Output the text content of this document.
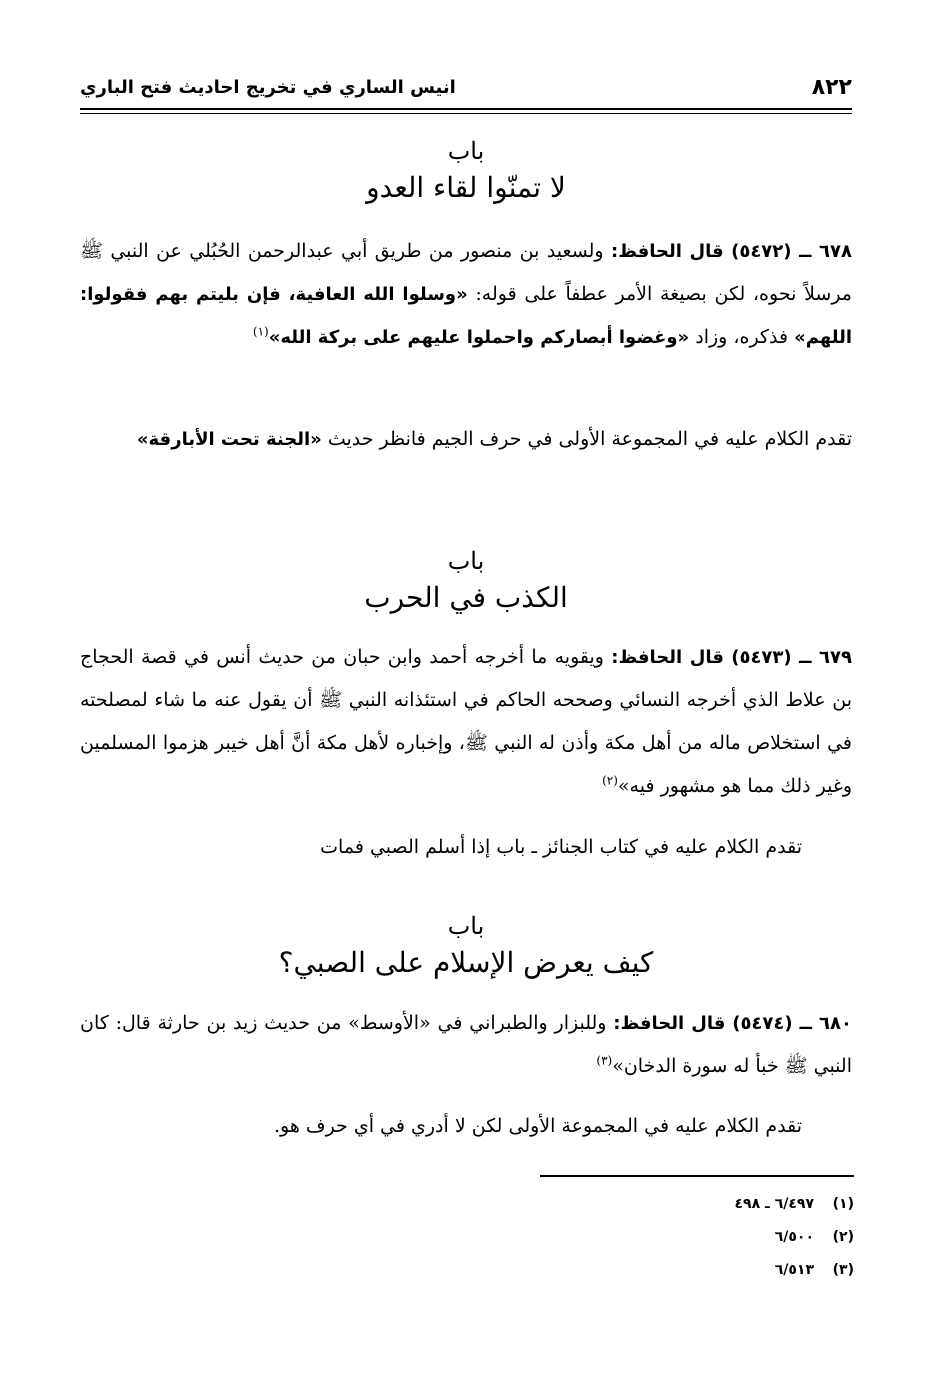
٨٢٢
انيس الساري في تخريج احاديث فتح الباري
باب
لا تمنّوا لقاء العدو
٦٧٨ ــ (٥٤٧٢) قال الحافظ: ولسعيد بن منصور من طريق أبي عبدالرحمن الحُبُلي عن النبي ﷺ مرسلاً نحوه، لكن بصيغة الأمر عطفاً على قوله: «وسلوا الله العافية، فإن بليتم بهم فقولوا: اللهم» فذكره، وزاد «وغضوا أبصاركم واحملوا عليهم على بركة الله»$^{(١)}$
تقدم الكلام عليه في المجموعة الأولى في حرف الجيم فانظر حديث «الجنة تحت الأبارقة»
باب
الكذب في الحرب
٦٧٩ ــ (٥٤٧٣) قال الحافظ: ويقويه ما أخرجه أحمد وابن حبان من حديث أنس في قصة الحجاج بن علاط الذي أخرجه النسائي وصححه الحاكم في استئذانه النبي ﷺ أن يقول عنه ما شاء لمصلحته في استخلاص ماله من أهل مكة وأذن له النبي ﷺ، وإخباره لأهل مكة أنَّ أهل خيبر هزموا المسلمين وغير ذلك مما هو مشهور فيه»$^{(٢)}$
تقدم الكلام عليه في كتاب الجنائز ـ باب إذا أسلم الصبي فمات
باب
كيف يعرض الإسلام على الصبي؟
٦٨٠ ــ (٥٤٧٤) قال الحافظ: وللبزار والطبراني في «الأوسط» من حديث زيد بن حارثة قال: كان النبي ﷺ خبأ له سورة الدخان»$^{(٣)}$
تقدم الكلام عليه في المجموعة الأولى لكن لا أدري في أي حرف هو.
(١)
٦/٤٩٧ ـ ٤٩٨
(٢)
٦/٥٠٠
(٣)
٦/٥١٣
